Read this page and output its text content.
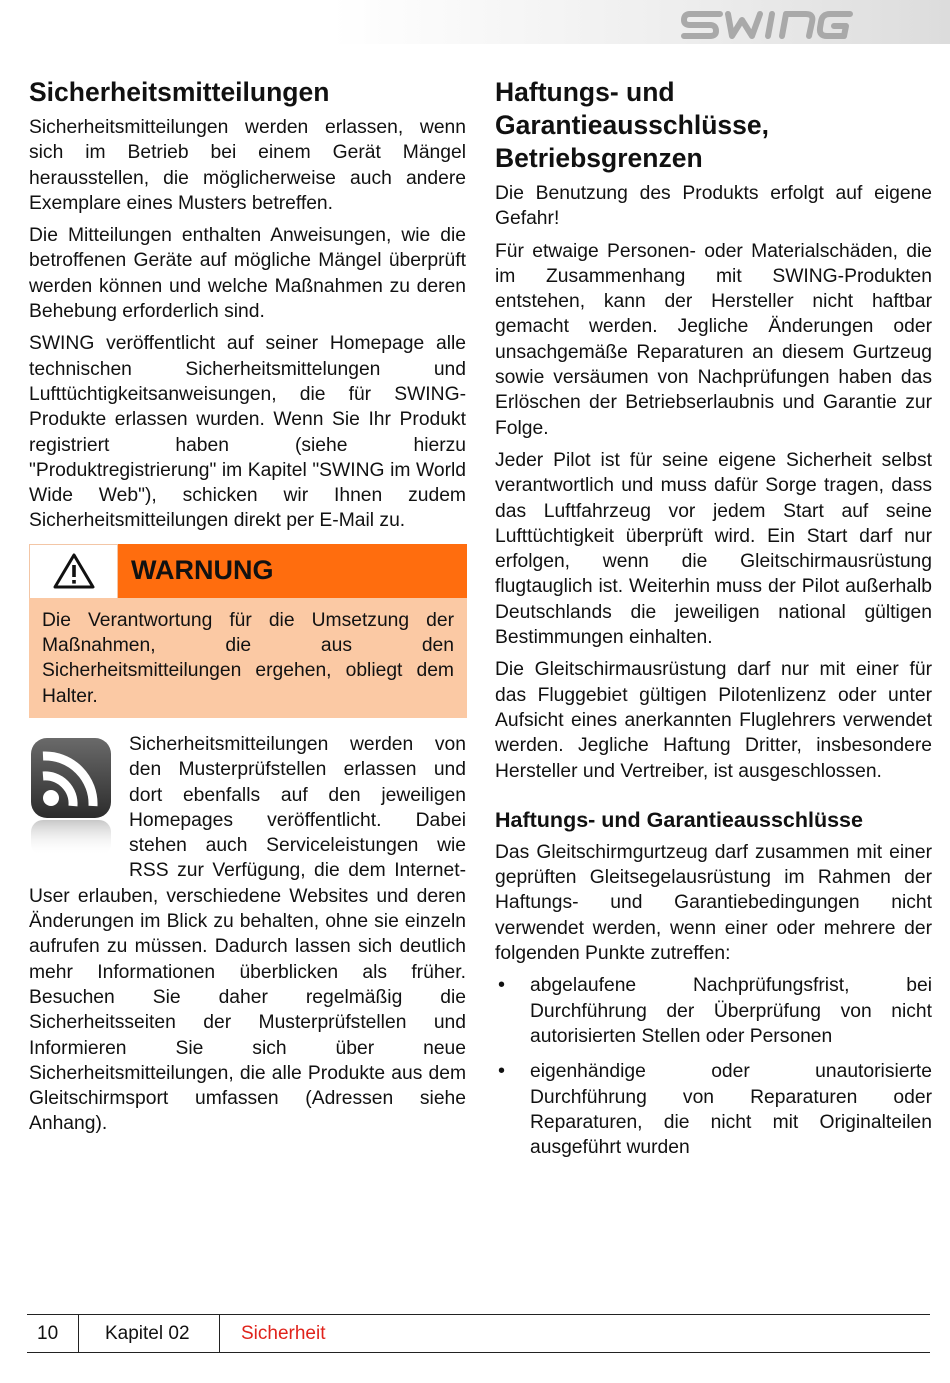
Sicherheitsmitteilungen

Sicherheitsmitteilungen werden erlassen, wenn sich im Betrieb bei einem Gerät Mängel herausstellen, die möglicherweise auch andere Exemplare eines Musters betreffen.

Die Mitteilungen enthalten Anweisungen, wie die betroffenen Geräte auf mögliche Mängel überprüft werden können und welche Maßnahmen zu deren Behebung erforderlich sind.

SWING veröffentlicht auf seiner Homepage alle technischen Sicherheitsmittelungen und Lufttüchtigkeitsanweisungen, die für SWING-Produkte erlassen wurden. Wenn Sie Ihr Produkt registriert haben (siehe hierzu "Produktregistrierung" im Kapitel "SWING im World Wide Web"), schicken wir Ihnen zudem Sicherheitsmitteilungen direkt per E-Mail zu.

WARNUNG

Die Verantwortung für die Umsetzung der Maßnahmen, die aus den Sicherheitsmitteilungen ergehen, obliegt dem Halter.

Sicherheitsmitteilungen werden von den Musterprüfstellen erlassen und dort ebenfalls auf den jeweiligen Homepages veröffentlicht. Dabei stehen auch Serviceleistungen wie RSS zur Verfügung, die dem Internet-User erlauben, verschiedene Websites und deren Änderungen im Blick zu behalten, ohne sie einzeln aufrufen zu müssen. Dadurch lassen sich deutlich mehr Informationen überblicken als früher. Besuchen Sie daher regelmäßig die Sicherheitsseiten der Musterprüfstellen und Informieren Sie sich über neue Sicherheitsmitteilungen, die alle Produkte aus dem Gleitschirmsport umfassen (Adressen siehe Anhang).

Haftungs- und Garantieausschlüsse, Betriebsgrenzen

Die Benutzung des Produkts erfolgt auf eigene Gefahr!

Für etwaige Personen- oder Materialschäden, die im Zusammenhang mit SWING-Produkten entstehen, kann der Hersteller nicht haftbar gemacht werden. Jegliche Änderungen oder unsachgemäße Reparaturen an diesem Gurtzeug sowie versäumen von Nachprüfungen haben das Erlöschen der Betriebserlaubnis und Garantie zur Folge.

Jeder Pilot ist für seine eigene Sicherheit selbst verantwortlich und muss dafür Sorge tragen, dass das Luftfahrzeug vor jedem Start auf seine Lufttüchtigkeit überprüft wird. Ein Start darf nur erfolgen, wenn die Gleitschirmausrüstung flugtauglich ist. Weiterhin muss der Pilot außerhalb Deutschlands die jeweiligen national gültigen Bestimmungen einhalten.

Die Gleitschirmausrüstung darf nur mit einer für das Fluggebiet gültigen Pilotenlizenz oder unter Aufsicht eines anerkannten Fluglehrers verwendet werden. Jegliche Haftung Dritter, insbesondere Hersteller und Vertreiber, ist ausgeschlossen.

Haftungs- und Garantieausschlüsse

Das Gleitschirmgurtzeug darf zusammen mit einer geprüften Gleitsegelausrüstung im Rahmen der Haftungs- und Garantiebedingungen nicht verwendet werden, wenn einer oder mehrere der folgenden Punkte zutreffen:

• abgelaufene Nachprüfungsfrist, bei Durchführung der Überprüfung von nicht autorisierten Stellen oder Personen
• eigenhändige oder unautorisierte Durchführung von Reparaturen oder Reparaturen, die nicht mit Originalteilen ausgeführt wurden
10 Kapitel 02	Sicherheit
